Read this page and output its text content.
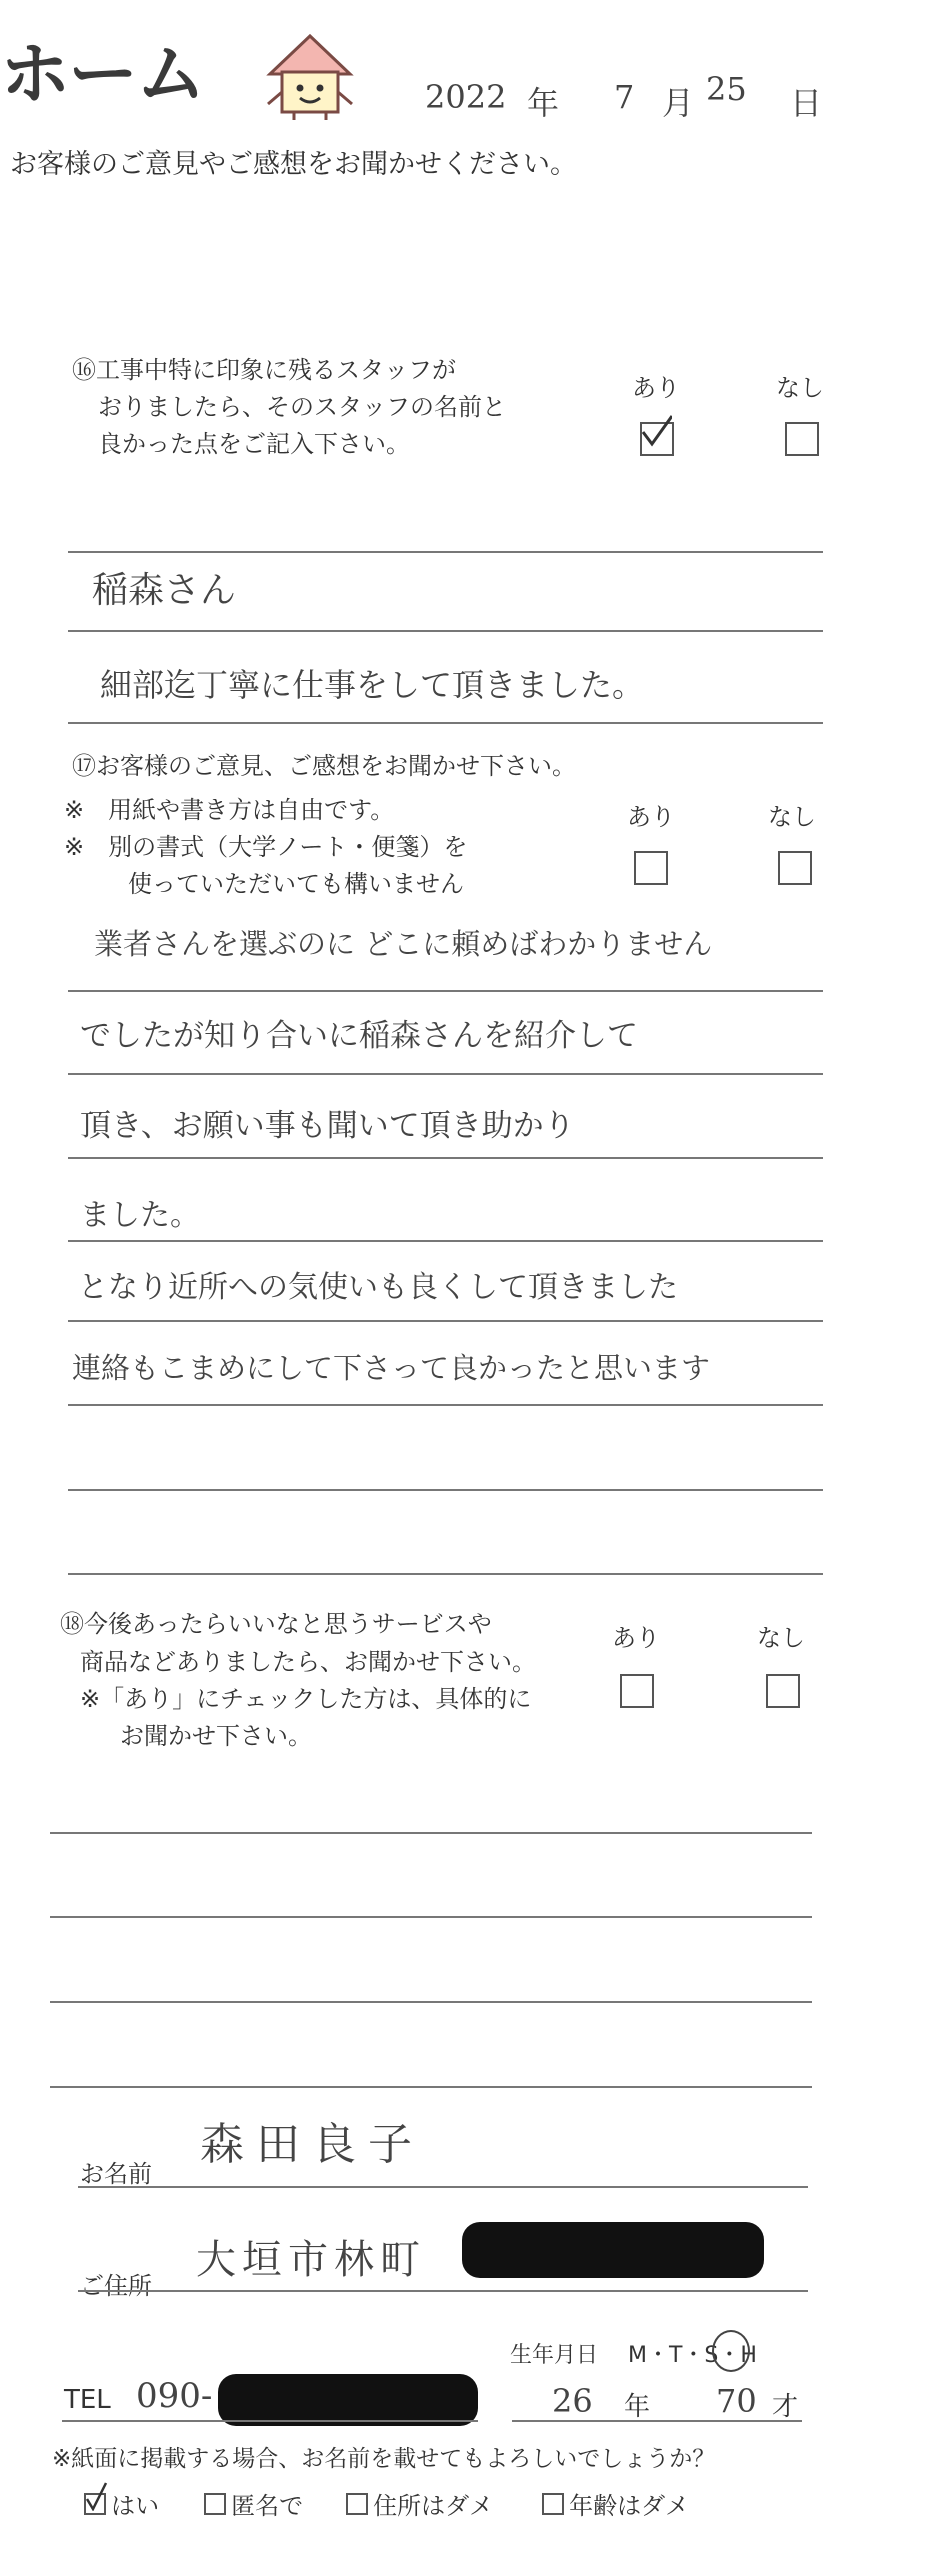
ホーム	2022 年 7 月 25 日
お客様のご意見やご感想をお聞かせください。
⑯工事中特に印象に残るスタッフが
おりましたら、そのスタッフの名前と
良かった点をご記入下さい。
あり	なし
稲森さん
細部迄丁寧に仕事をして頂きました。
⑰お客様のご意見、ご感想をお聞かせ下さい。
※　用紙や書き方は自由です。
※　別の書式（大学ノート・便箋）を
使っていただいても構いません
あり	なし
業者さんを選ぶのに どこに頼めばわかりません
でしたが知り合いに稲森さんを紹介して
頂き、お願い事も聞いて頂き助かり
ました。
となり近所への気使いも良くして頂きました
連絡もこまめにして下さって良かったと思います
⑱今後あったらいいなと思うサービスや
商品などありましたら、お聞かせ下さい。
※「あり」にチェックした方は、具体的に
お聞かせ下さい。
あり	なし
お名前
森田良子
ご住所
大垣市林町
生年月日 M・T・S・H
TEL 090-	26 年 70 才
※紙面に掲載する場合、お名前を載せてもよろしいでしょうか？
はい	匿名で	住所はダメ	年齢はダメ
